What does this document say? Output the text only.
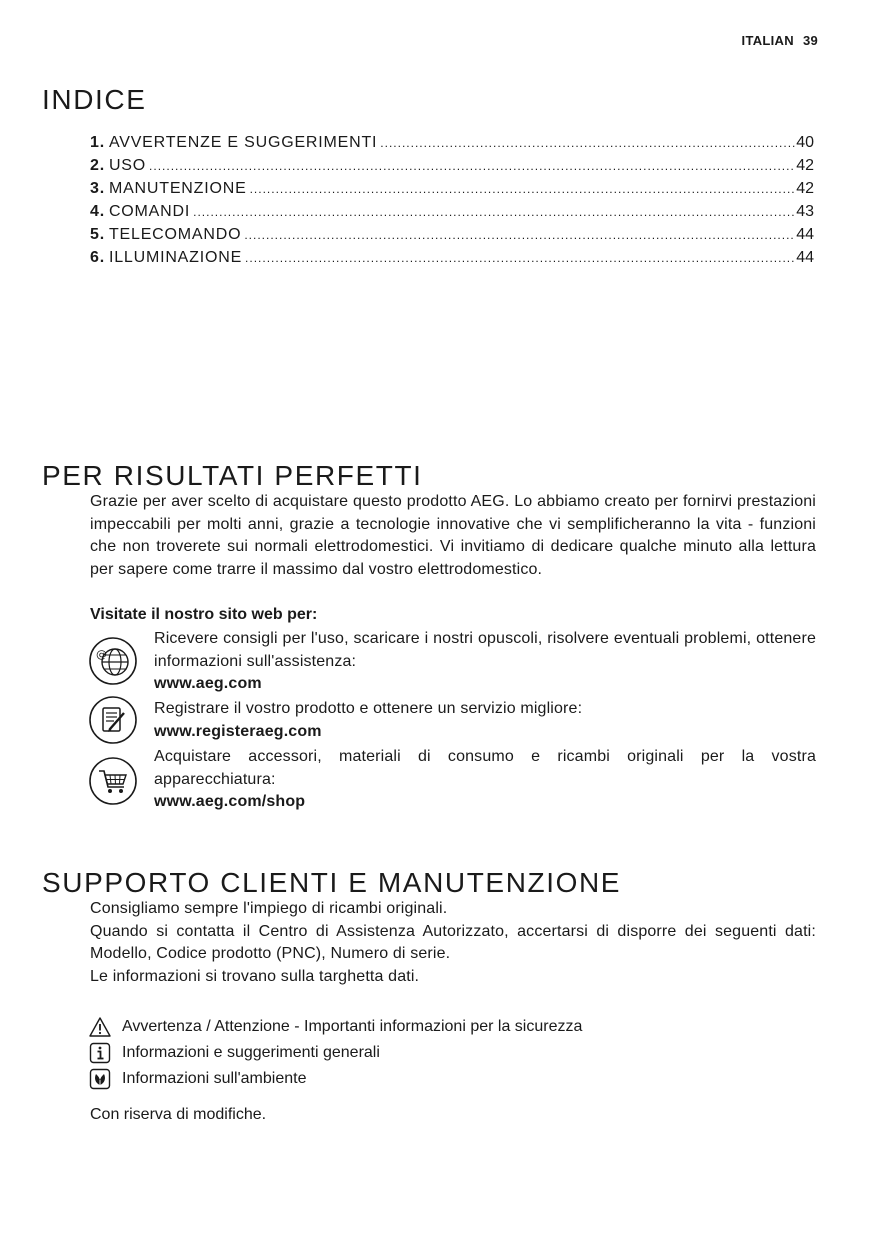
ITALIAN 39
INDICE
1. AVVERTENZE E SUGGERIMENTI .....	40
2. USO .....	42
3. MANUTENZIONE .....	42
4. COMANDI .....	43
5. TELECOMANDO .....	44
6. ILLUMINAZIONE .....	44
PER RISULTATI PERFETTI

Grazie per aver scelto di acquistare questo prodotto AEG. Lo abbiamo creato per fornirvi prestazioni impeccabili per molti anni, grazie a tecnologie innovative che vi semplificheranno la vita - funzioni che non troverete sui normali elettrodomestici. Vi invitiamo di dedicare qualche minuto alla lettura per sapere come trarre il massimo dal vostro elettrodomestico.

Visitate il nostro sito web per:

@
Ricevere consigli per l'uso, scaricare i nostri opuscoli, risolvere eventuali problemi, ottenere informazioni sull'assistenza:
www.aeg.com
Registrare il vostro prodotto e ottenere un servizio migliore:
www.registeraeg.com
Acquistare accessori, materiali di consumo e ricambi originali per la vostra apparecchiatura:
www.aeg.com/shop
SUPPORTO CLIENTI E MANUTENZIONE
Consigliamo sempre l'impiego di ricambi originali.
Quando si contatta il Centro di Assistenza Autorizzato, accertarsi di disporre dei seguenti dati: Modello, Codice prodotto (PNC), Numero di serie.
Le informazioni si trovano sulla targhetta dati.
Avvertenza / Attenzione - Importanti informazioni per la sicurezza
Informazioni e suggerimenti generali
Informazioni sull'ambiente

Con riserva di modifiche.
